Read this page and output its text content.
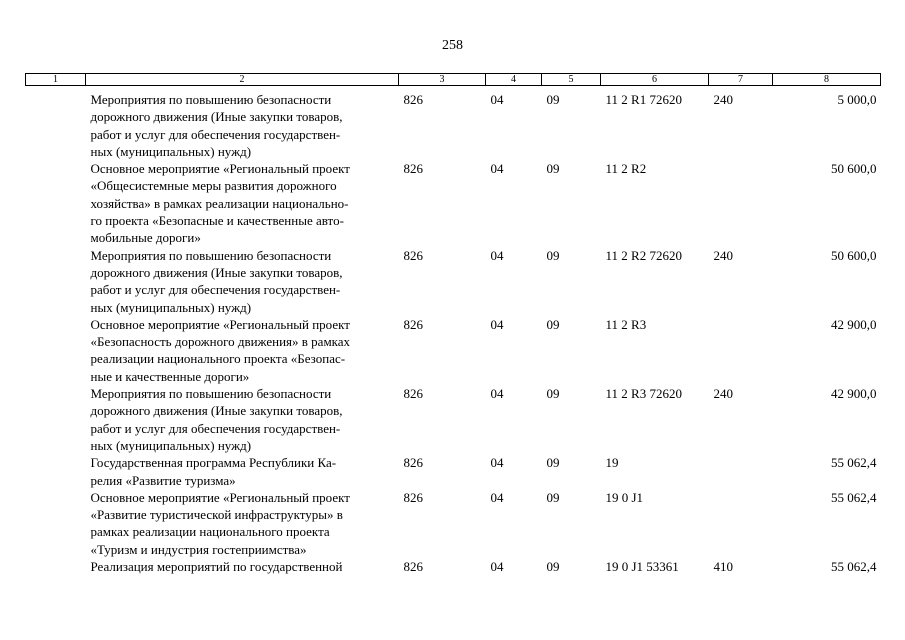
258
1	2	3	4	5	6	7	8

	Мероприятия по повышению безопасности
дорожного движения (Иные закупки товаров,
работ и услуг для обеспечения государствен-
ных (муниципальных) нужд)	826	04	09	11 2 R1 72620	240	5 000,0

	Основное мероприятие «Региональный проект
«Общесистемные меры развития дорожного
хозяйства» в рамках реализации национально-
го проекта «Безопасные и качественные авто-
мобильные дороги»	826	04	09	11 2 R2		50 600,0

	Мероприятия по повышению безопасности
дорожного движения (Иные закупки товаров,
работ и услуг для обеспечения государствен-
ных (муниципальных) нужд)	826	04	09	11 2 R2 72620	240	50 600,0

	Основное мероприятие «Региональный проект
«Безопасность дорожного движения» в рамках
реализации национального проекта «Безопас-
ные и качественные дороги»	826	04	09	11 2 R3		42 900,0

	Мероприятия по повышению безопасности
дорожного движения (Иные закупки товаров,
работ и услуг для обеспечения государствен-
ных (муниципальных) нужд)	826	04	09	11 2 R3 72620	240	42 900,0

	Государственная программа Республики Ка-
релия «Развитие туризма»	826	04	09	19		55 062,4

	Основное мероприятие «Региональный проект
«Развитие туристической инфраструктуры» в
рамках реализации национального проекта
«Туризм и индустрия гостеприимства»	826	04	09	19 0 J1		55 062,4

	Реализация мероприятий по государственной	826	04	09	19 0 J1 53361	410	55 062,4
